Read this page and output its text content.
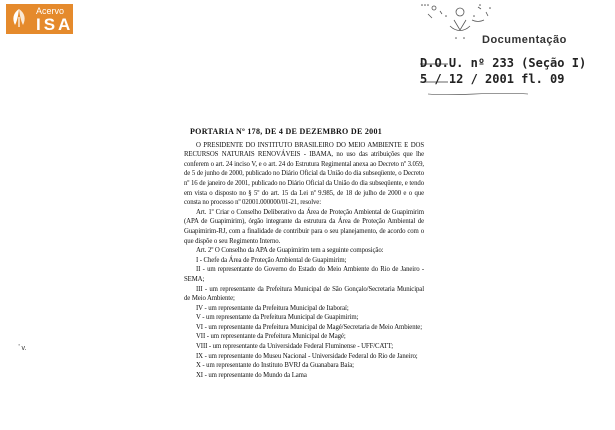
Acervo
ISA
Documentação
D.O.U. nº 233 (Seção I)
5 / 12 / 2001 fl. 09
ﾞv.
PORTARIA Nº 178, DE 4 DE DEZEMBRO DE 2001

O PRESIDENTE DO INSTITUTO BRASILEIRO DO MEIO AMBIENTE E DOS RECURSOS NATURAIS RENOVÁVEIS - IBAMA, no uso das atribuições que lhe conferem o art. 24 inciso V, e o art. 24 do Estrutura Regimental anexa ao Decreto nº 3.059, de 5 de junho de 2000, publicado no Diário Oficial da União do dia subseqüente, o Decreto nº 16 de janeiro de 2001, publicado no Diário Oficial da União do dia subseqüente, e tendo em vista o disposto no § 5º do art. 15 da Lei nº 9.985, de 18 de julho de 2000 e o que consta no processo nº 02001.000000/01-21, resolve:

Art. 1º Criar o Conselho Deliberativo da Área de Proteção Ambiental de Guapimirim (APA de Guapimirim), órgão integrante da estrutura da Área de Proteção Ambiental de Guapimirim-RJ, com a finalidade de contribuir para o seu planejamento, de acordo com o que dispõe o seu Regimento Interno.

Art. 2º O Conselho da APA de Guapimirim tem a seguinte composição:

I - Chefe da Área de Proteção Ambiental de Guapimirim;

II - um representante do Governo do Estado do Meio Ambiente do Rio de Janeiro - SEMA;

III - um representante da Prefeitura Municipal de São Gonçalo/Secretaria Municipal de Meio Ambiente;

IV - um representante da Prefeitura Municipal de Itaboraí;

V - um representante da Prefeitura Municipal de Guapimirim;

VI - um representante da Prefeitura Municipal de Magé/Secretaria de Meio Ambiente;

VII - um representante da Prefeitura Municipal de Magé;

VIII - um representante da Universidade Federal Fluminense - UFF/CATT;

IX - um representante do Museu Nacional - Universidade Federal do Rio de Janeiro;

X - um representante do Instituto BVRJ da Guanabara Baía;

XI - um representante do Mundo da Lama
